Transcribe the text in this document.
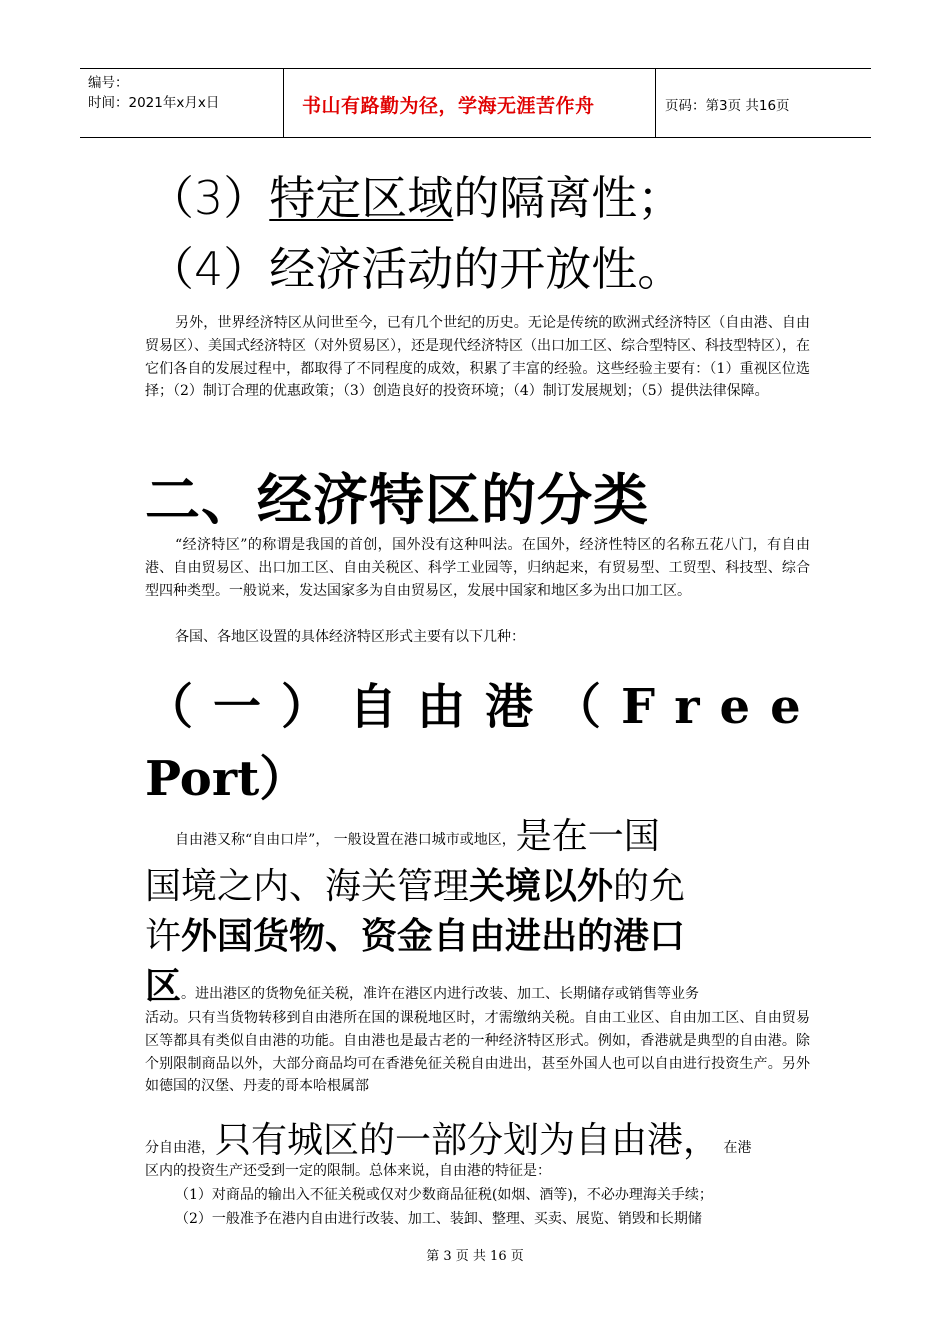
编号：
时间：2021年x月x日	书山有路勤为径，学海无涯苦作舟	页码：第3页 共16页
（3）特定区域的隔离性；
（4）经济活动的开放性。
另外，世界经济特区从问世至今，已有几个世纪的历史。无论是传统的欧洲式经济特区（自由港、自由贸易区）、美国式经济特区（对外贸易区），还是现代经济特区（出口加工区、综合型特区、科技型特区），在它们各自的发展过程中，都取得了不同程度的成效，积累了丰富的经验。这些经验主要有：（1）重视区位选择；（2）制订合理的优惠政策；（3）创造良好的投资环境；（4）制订发展规划；（5）提供法律保障。
二、经济特区的分类
“经济特区”的称谓是我国的首创，国外没有这种叫法。在国外，经济性特区的名称五花八门，有自由港、自由贸易区、出口加工区、自由关税区、科学工业园等，归纳起来，有贸易型、工贸型、科技型、综合型四种类型。一般说来，发达国家多为自由贸易区，发展中国家和地区多为出口加工区。
各国、各地区设置的具体经济特区形式主要有以下几种：
（一）自由港（Free
Port）
自由港又称“自由口岸”， 一般设置在港口城市或地区，是在一国
国境之内、海关管理关境以外的允
许外国货物、资金自由进出的港口
区。进出港区的货物免征关税，准许在港区内进行改装、加工、长期储存或销售等业务
活动。只有当货物转移到自由港所在国的课税地区时，才需缴纳关税。自由工业区、自由加工区、自由贸易区等都具有类似自由港的功能。自由港也是最古老的一种经济特区形式。例如，香港就是典型的自由港。除个别限制商品以外，大部分商品均可在香港免征关税自由进出，甚至外国人也可以自由进行投资生产。另外如德国的汉堡、丹麦的哥本哈根属部
分自由港，只有城区的一部分划为自由港， 在港
区内的投资生产还受到一定的限制。总体来说，自由港的特征是：
（1）对商品的输出入不征关税或仅对少数商品征税(如烟、酒等)，不必办理海关手续；
（2）一般准予在港内自由进行改装、加工、装卸、整理、买卖、展览、销毁和长期储
第 3 页 共 16 页
